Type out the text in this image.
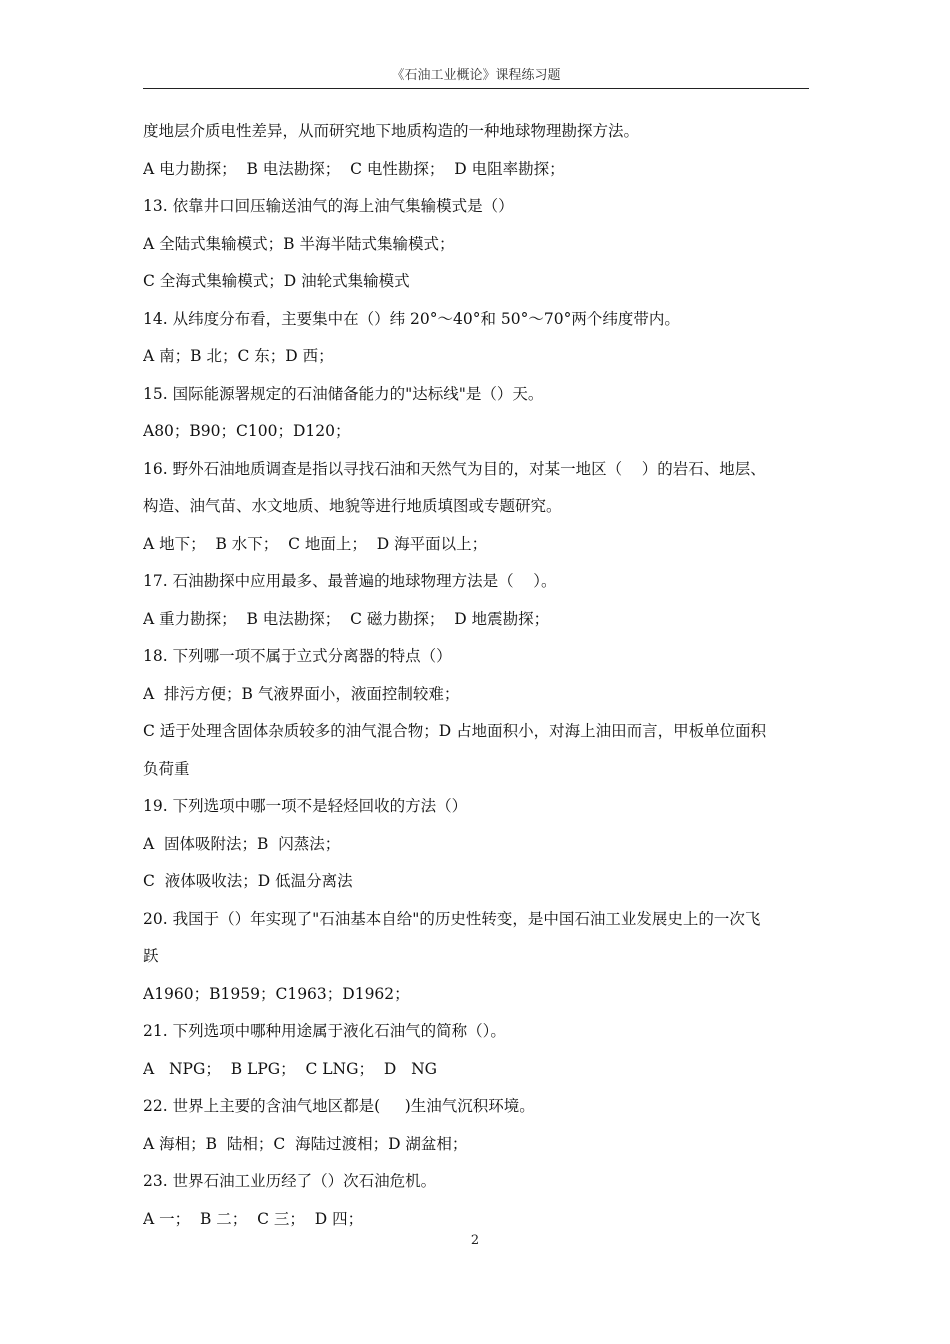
《石油工业概论》课程练习题
度地层介质电性差异，从而研究地下地质构造的一种地球物理勘探方法。
A 电力勘探；  B 电法勘探；  C 电性勘探；  D 电阻率勘探；
13. 依靠井口回压输送油气的海上油气集输模式是（）
A 全陆式集输模式；B 半海半陆式集输模式；
C 全海式集输模式；D 油轮式集输模式
14. 从纬度分布看，主要集中在（）纬 20°～40°和 50°～70°两个纬度带内。
A 南；B 北；C 东；D 西；
15. 国际能源署规定的石油储备能力的"达标线"是（）天。
A80；B90；C100；D120；
16. 野外石油地质调查是指以寻找石油和天然气为目的，对某一地区（    ）的岩石、地层、
构造、油气苗、水文地质、地貌等进行地质填图或专题研究。
A 地下；  B 水下；  C 地面上；  D 海平面以上；
17. 石油勘探中应用最多、最普遍的地球物理方法是（    ）。
A 重力勘探；  B 电法勘探；  C 磁力勘探；  D 地震勘探；
18. 下列哪一项不属于立式分离器的特点（）
A  排污方便；B 气液界面小，液面控制较难；
C 适于处理含固体杂质较多的油气混合物；D 占地面积小，对海上油田而言，甲板单位面积
负荷重
19. 下列选项中哪一项不是轻烃回收的方法（）
A  固体吸附法；B  闪蒸法；
C  液体吸收法；D 低温分离法
20. 我国于（）年实现了"石油基本自给"的历史性转变，是中国石油工业发展史上的一次飞
跃
A1960；B1959；C1963；D1962；
21. 下列选项中哪种用途属于液化石油气的简称（）。
A   NPG；  B LPG；  C LNG；  D   NG
22. 世界上主要的含油气地区都是(     )生油气沉积环境。
A 海相；B  陆相；C  海陆过渡相；D 湖盆相；
23. 世界石油工业历经了（）次石油危机。
A 一；  B 二；  C 三；  D 四；
2
